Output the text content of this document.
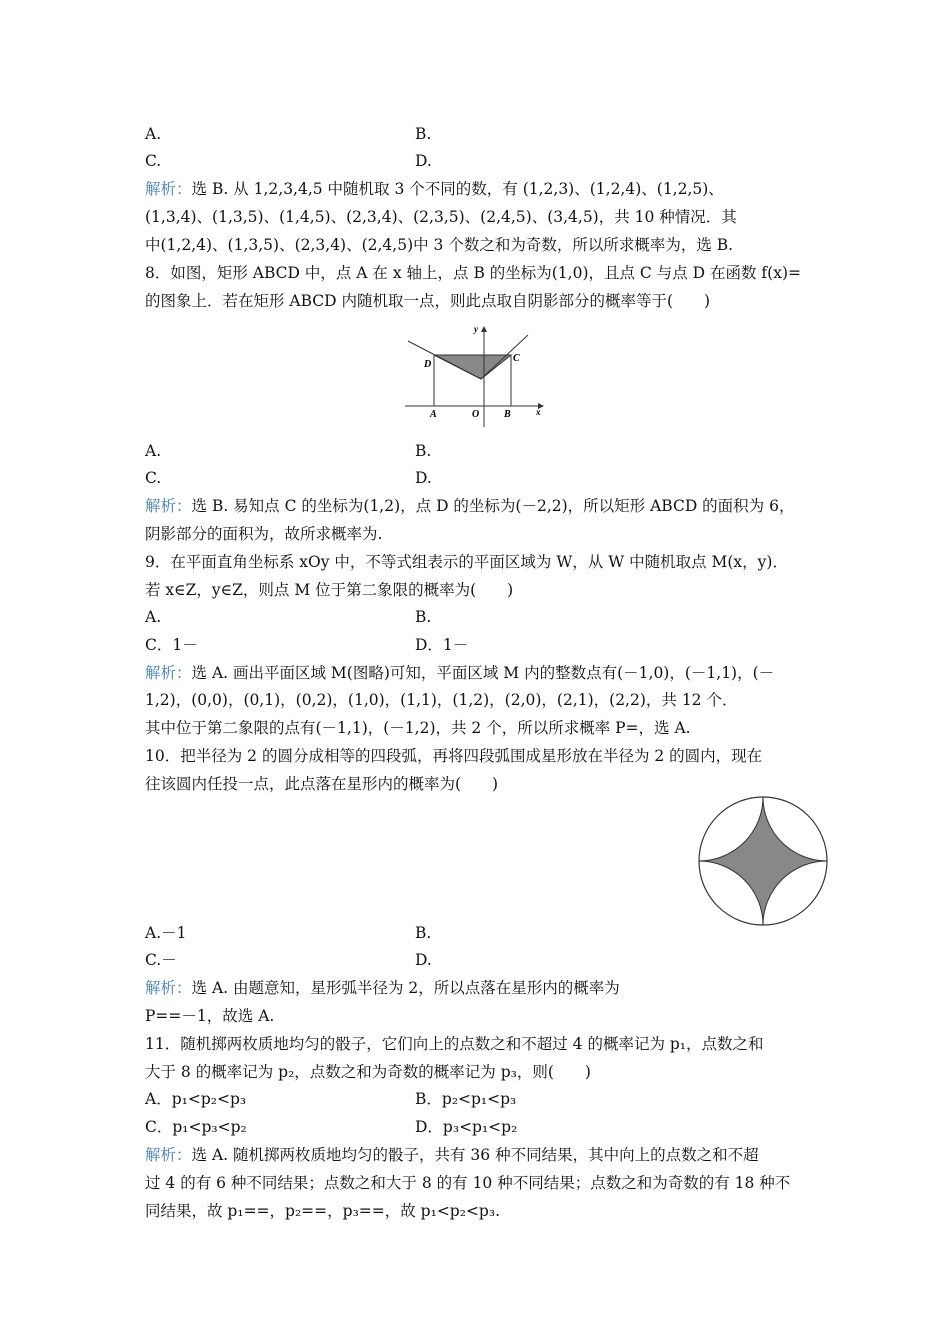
A.	B.
C.	D.
解析：选 B. 从 1,2,3,4,5 中随机取 3 个不同的数，有 (1,2,3)、(1,2,4)、(1,2,5)、
(1,3,4)、(1,3,5)、(1,4,5)、(2,3,4)、(2,3,5)、(2,4,5)、(3,4,5)，共 10 种情况．其
中(1,2,4)、(1,3,5)、(2,3,4)、(2,4,5)中 3 个数之和为奇数，所以所求概率为，选 B.
8．如图，矩形 ABCD 中，点 A 在 x 轴上，点 B 的坐标为(1,0)，且点 C 与点 D 在函数 f(x)=
的图象上．若在矩形 ABCD 内随机取一点，则此点取自阴影部分的概率等于(　　)
y
x
D
C
A	O B
A.	B.
C.	D.
解析：选 B. 易知点 C 的坐标为(1,2)，点 D 的坐标为(－2,2)，所以矩形 ABCD 的面积为 6，
阴影部分的面积为，故所求概率为.
9．在平面直角坐标系 xOy 中，不等式组表示的平面区域为 W，从 W 中随机取点 M(x，y)．
若 x∈Z，y∈Z，则点 M 位于第二象限的概率为(　　)
A.	B.
C．1－	D．1－
解析：选 A. 画出平面区域 M(图略)可知，平面区域 M 内的整数点有(－1,0)，(－1,1)，(－
1,2)，(0,0)，(0,1)，(0,2)，(1,0)，(1,1)，(1,2)，(2,0)，(2,1)，(2,2)，共 12 个．
其中位于第二象限的点有(－1,1)，(－1,2)，共 2 个，所以所求概率 P=，选 A.
10．把半径为 2 的圆分成相等的四段弧，再将四段弧围成星形放在半径为 2 的圆内，现在
往该圆内任投一点，此点落在星形内的概率为(　　)
A.－1	B.
C.－	D.
解析：选 A. 由题意知，星形弧半径为 2，所以点落在星形内的概率为
P==－1，故选 A.
11．随机掷两枚质地均匀的骰子，它们向上的点数之和不超过 4 的概率记为 p₁，点数之和
大于 8 的概率记为 p₂，点数之和为奇数的概率记为 p₃，则(　　)
A．p₁<p₂<p₃	B．p₂<p₁<p₃
C．p₁<p₃<p₂	D．p₃<p₁<p₂
解析：选 A. 随机掷两枚质地均匀的骰子，共有 36 种不同结果，其中向上的点数之和不超
过 4 的有 6 种不同结果；点数之和大于 8 的有 10 种不同结果；点数之和为奇数的有 18 种不
同结果，故 p₁==，p₂==，p₃==，故 p₁<p₂<p₃.
